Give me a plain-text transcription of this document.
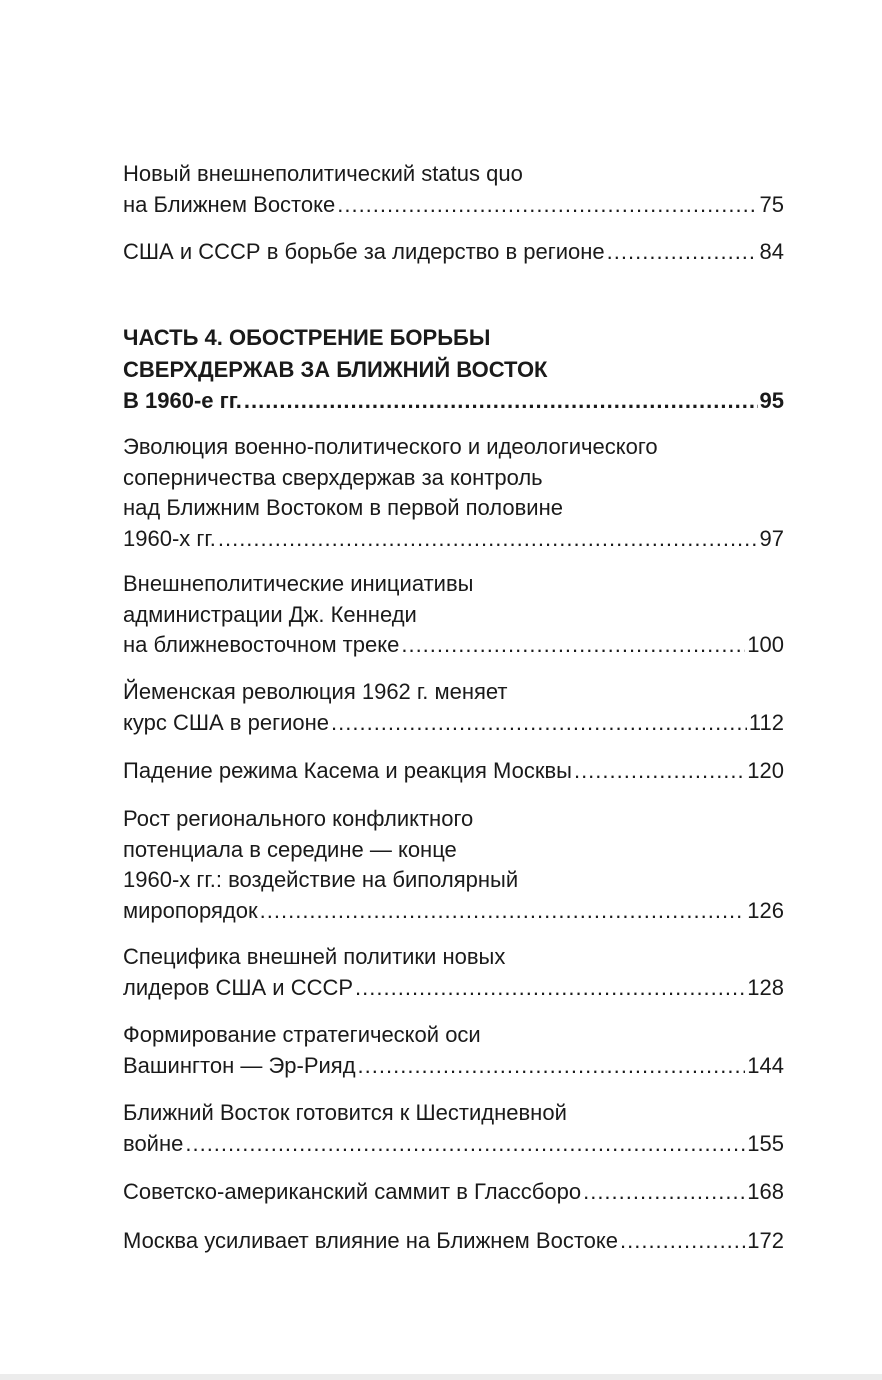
Новый внешнеполитический status quo
на Ближнем Востоке .....	75
США и СССР в борьбе за лидерство в регионе .....	84
ЧАСТЬ 4. ОБОСТРЕНИЕ БОРЬБЫ
СВЕРХДЕРЖАВ ЗА БЛИЖНИЙ ВОСТОК
В 1960-е гг. .....	95
Эволюция военно-политического и идеологического
соперничества сверхдержав за контроль
над Ближним Востоком в первой половине
1960-х гг. .....	97
Внешнеполитические инициативы
администрации Дж. Кеннеди
на ближневосточном треке .....	100
Йеменская революция 1962 г. меняет
курс США в регионе .....	112
Падение режима Касема и реакция Москвы .....	120
Рост регионального конфликтного
потенциала в середине — конце
1960-х гг.: воздействие на биполярный
миропорядок .....	126
Специфика внешней политики новых
лидеров США и СССР .....	128
Формирование стратегической оси
Вашингтон — Эр-Рияд .....	144
Ближний Восток готовится к Шестидневной
войне .....	155
Советско-американский саммит в Глассборо .....	168
Москва усиливает влияние на Ближнем Востоке .....	172
